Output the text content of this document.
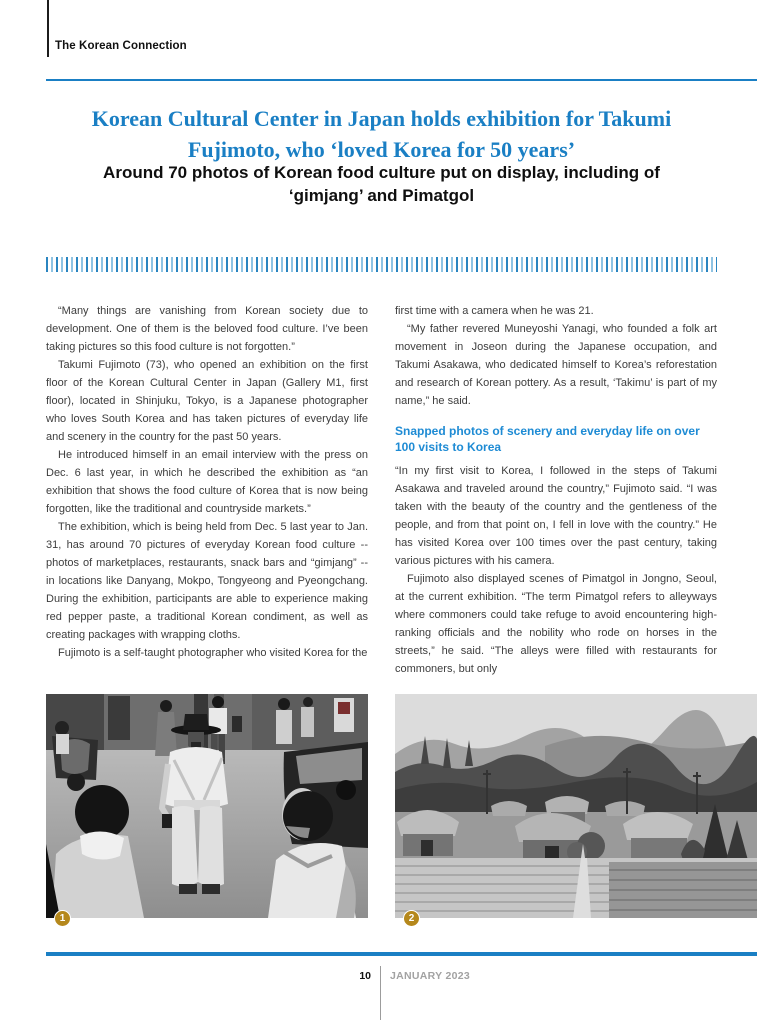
The Korean Connection
Korean Cultural Center in Japan holds exhibition for Takumi Fujimoto, who ‘loved Korea for 50 years’
Around 70 photos of Korean food culture put on display, including of ‘gimjang’ and Pimatgol

“Many things are vanishing from Korean society due to development. One of them is the beloved food culture. I’ve been taking pictures so this food culture is not forgotten.”

Takumi Fujimoto (73), who opened an exhibition on the first floor of the Korean Cultural Center in Japan (Gallery M1, first floor), located in Shinjuku, Tokyo, is a Japanese photographer who loves South Korea and has taken pictures of everyday life and scenery in the country for the past 50 years.

He introduced himself in an email interview with the press on Dec. 6 last year, in which he described the exhibition as “an exhibition that shows the food culture of Korea that is now being forgotten, like the traditional and countryside markets.”

The exhibition, which is being held from Dec. 5 last year to Jan. 31, has around 70 pictures of everyday Korean food culture -- photos of marketplaces, restaurants, snack bars and “gimjang” -- in locations like Danyang, Mokpo, Tongyeong and Pyeongchang. During the exhibition, participants are able to experience making red pepper paste, a traditional Korean condiment, as well as creating packages with wrapping cloths.

Fujimoto is a self-taught photographer who visited Korea for the

first time with a camera when he was 21.

“My father revered Muneyoshi Yanagi, who founded a folk art movement in Joseon during the Japanese occupation, and Takumi Asakawa, who dedicated himself to Korea’s reforestation and research of Korean pottery. As a result, ‘Takimu’ is part of my name,” he said.

Snapped photos of scenery and everyday life on over 100 visits to Korea

“In my first visit to Korea, I followed in the steps of Takumi Asakawa and traveled around the country,” Fujimoto said. “I was taken with the beauty of the country and the gentleness of the people, and from that point on, I fell in love with the country.” He has visited Korea over 100 times over the past century, taking various pictures with his camera.

Fujimoto also displayed scenes of Pimatgol in Jongno, Seoul, at the current exhibition. “The term Pimatgol refers to alleyways where commoners could take refuge to avoid encountering high-ranking officials and the nobility who rode on horses in the streets,” he said. “The alleys were filled with restaurants for commoners, but only

1	2
10	JANUARY 2023
